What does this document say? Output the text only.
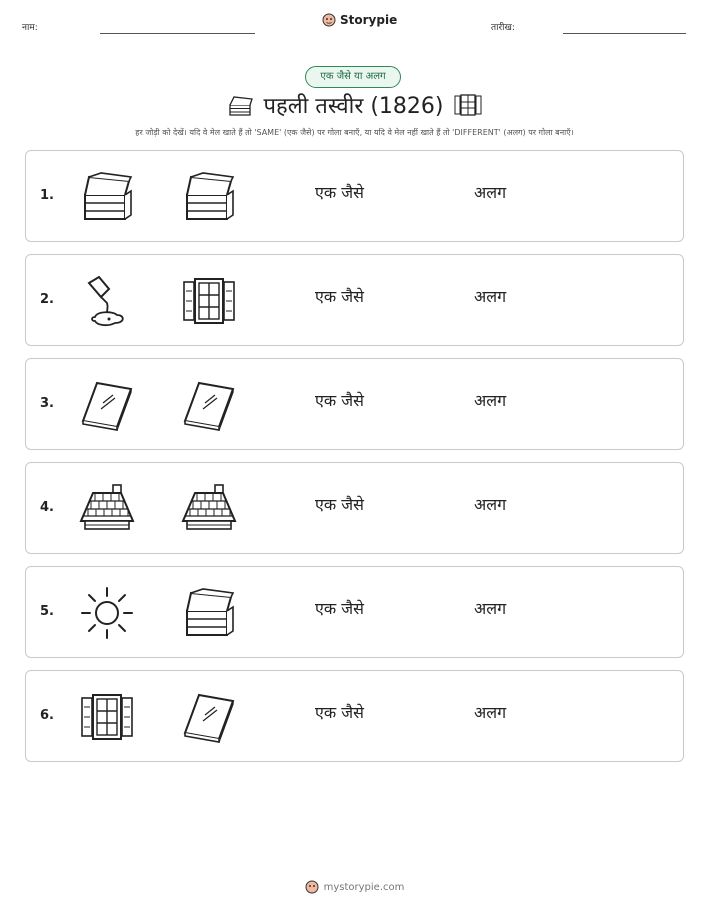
नाम:
Storypie
तारीख:
एक जैसे या अलग
पहली तस्वीर (1826)
हर जोड़ी को देखें। यदि वे मेल खाते हैं तो 'SAME' (एक जैसे) पर गोला बनाएँ, या यदि वे मेल नहीं खाते हैं तो 'DIFFERENT' (अलग) पर गोला बनाएँ।
1.	एक जैसे	अलग
2.	एक जैसे	अलग
3.	एक जैसे	अलग
4.	एक जैसे	अलग
5.	एक जैसे	अलग
6.	एक जैसे	अलग
mystorypie.com
